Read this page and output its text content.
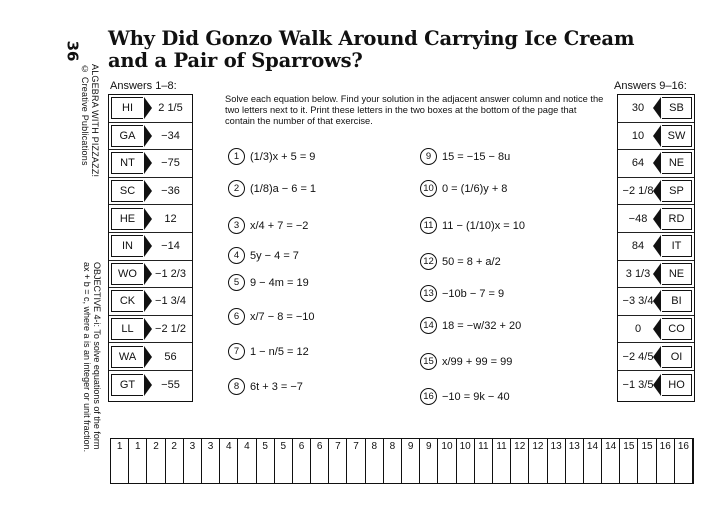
36
ALGEBRA WITH PIZZAZZ!
© Creative Publications
OBJECTIVE 4-i: To solve equations of the form
ax + b = c, where a is an integer or unit fraction.
Why Did Gonzo Walk Around Carrying Ice Cream
and a Pair of Sparrows?
Answers 1–8:	Answers 9–16:
HI	2 1/5
GA	−34
NT	−75
SC	−36
HE	12
IN	−14
WO	−1 2/3
CK	−1 3/4
LL	−2 1/2
WA	56
GT	−55
30	SB
10	SW
64	NE
−2 1/8	SP
−48	RD
84	IT
3 1/3	NE
−3 3/4	BI
0	CO
−2 4/5	OI
−1 3/5	HO
Solve each equation below. Find your solution in the adjacent answer column and notice the two letters next to it. Print these letters in the two boxes at the bottom of the page that contain the number of that exercise.
1 (1/3)x + 5 = 9
2 (1/8)a − 6 = 1
3 x/4 + 7 = −2
4 5y − 4 = 7
5 9 − 4m = 19
6 x/7 − 8 = −10
7 1 − n/5 = 12
8 6t + 3 = −7
9 15 = −15 − 8u
10 0 = (1/6)y + 8
11 11 − (1/10)x = 10
12 50 = 8 + a/2
13 −10b − 7 = 9
14 18 = −w/32 + 20
15 x/99 + 99 = 99
16 −10 = 9k − 40
1	1	2	2	3	3	4	4	5	5	6	6	7	7	8	8	9	9 10 10 11 11 12 12 13 13 14 14 15 15 16 16
